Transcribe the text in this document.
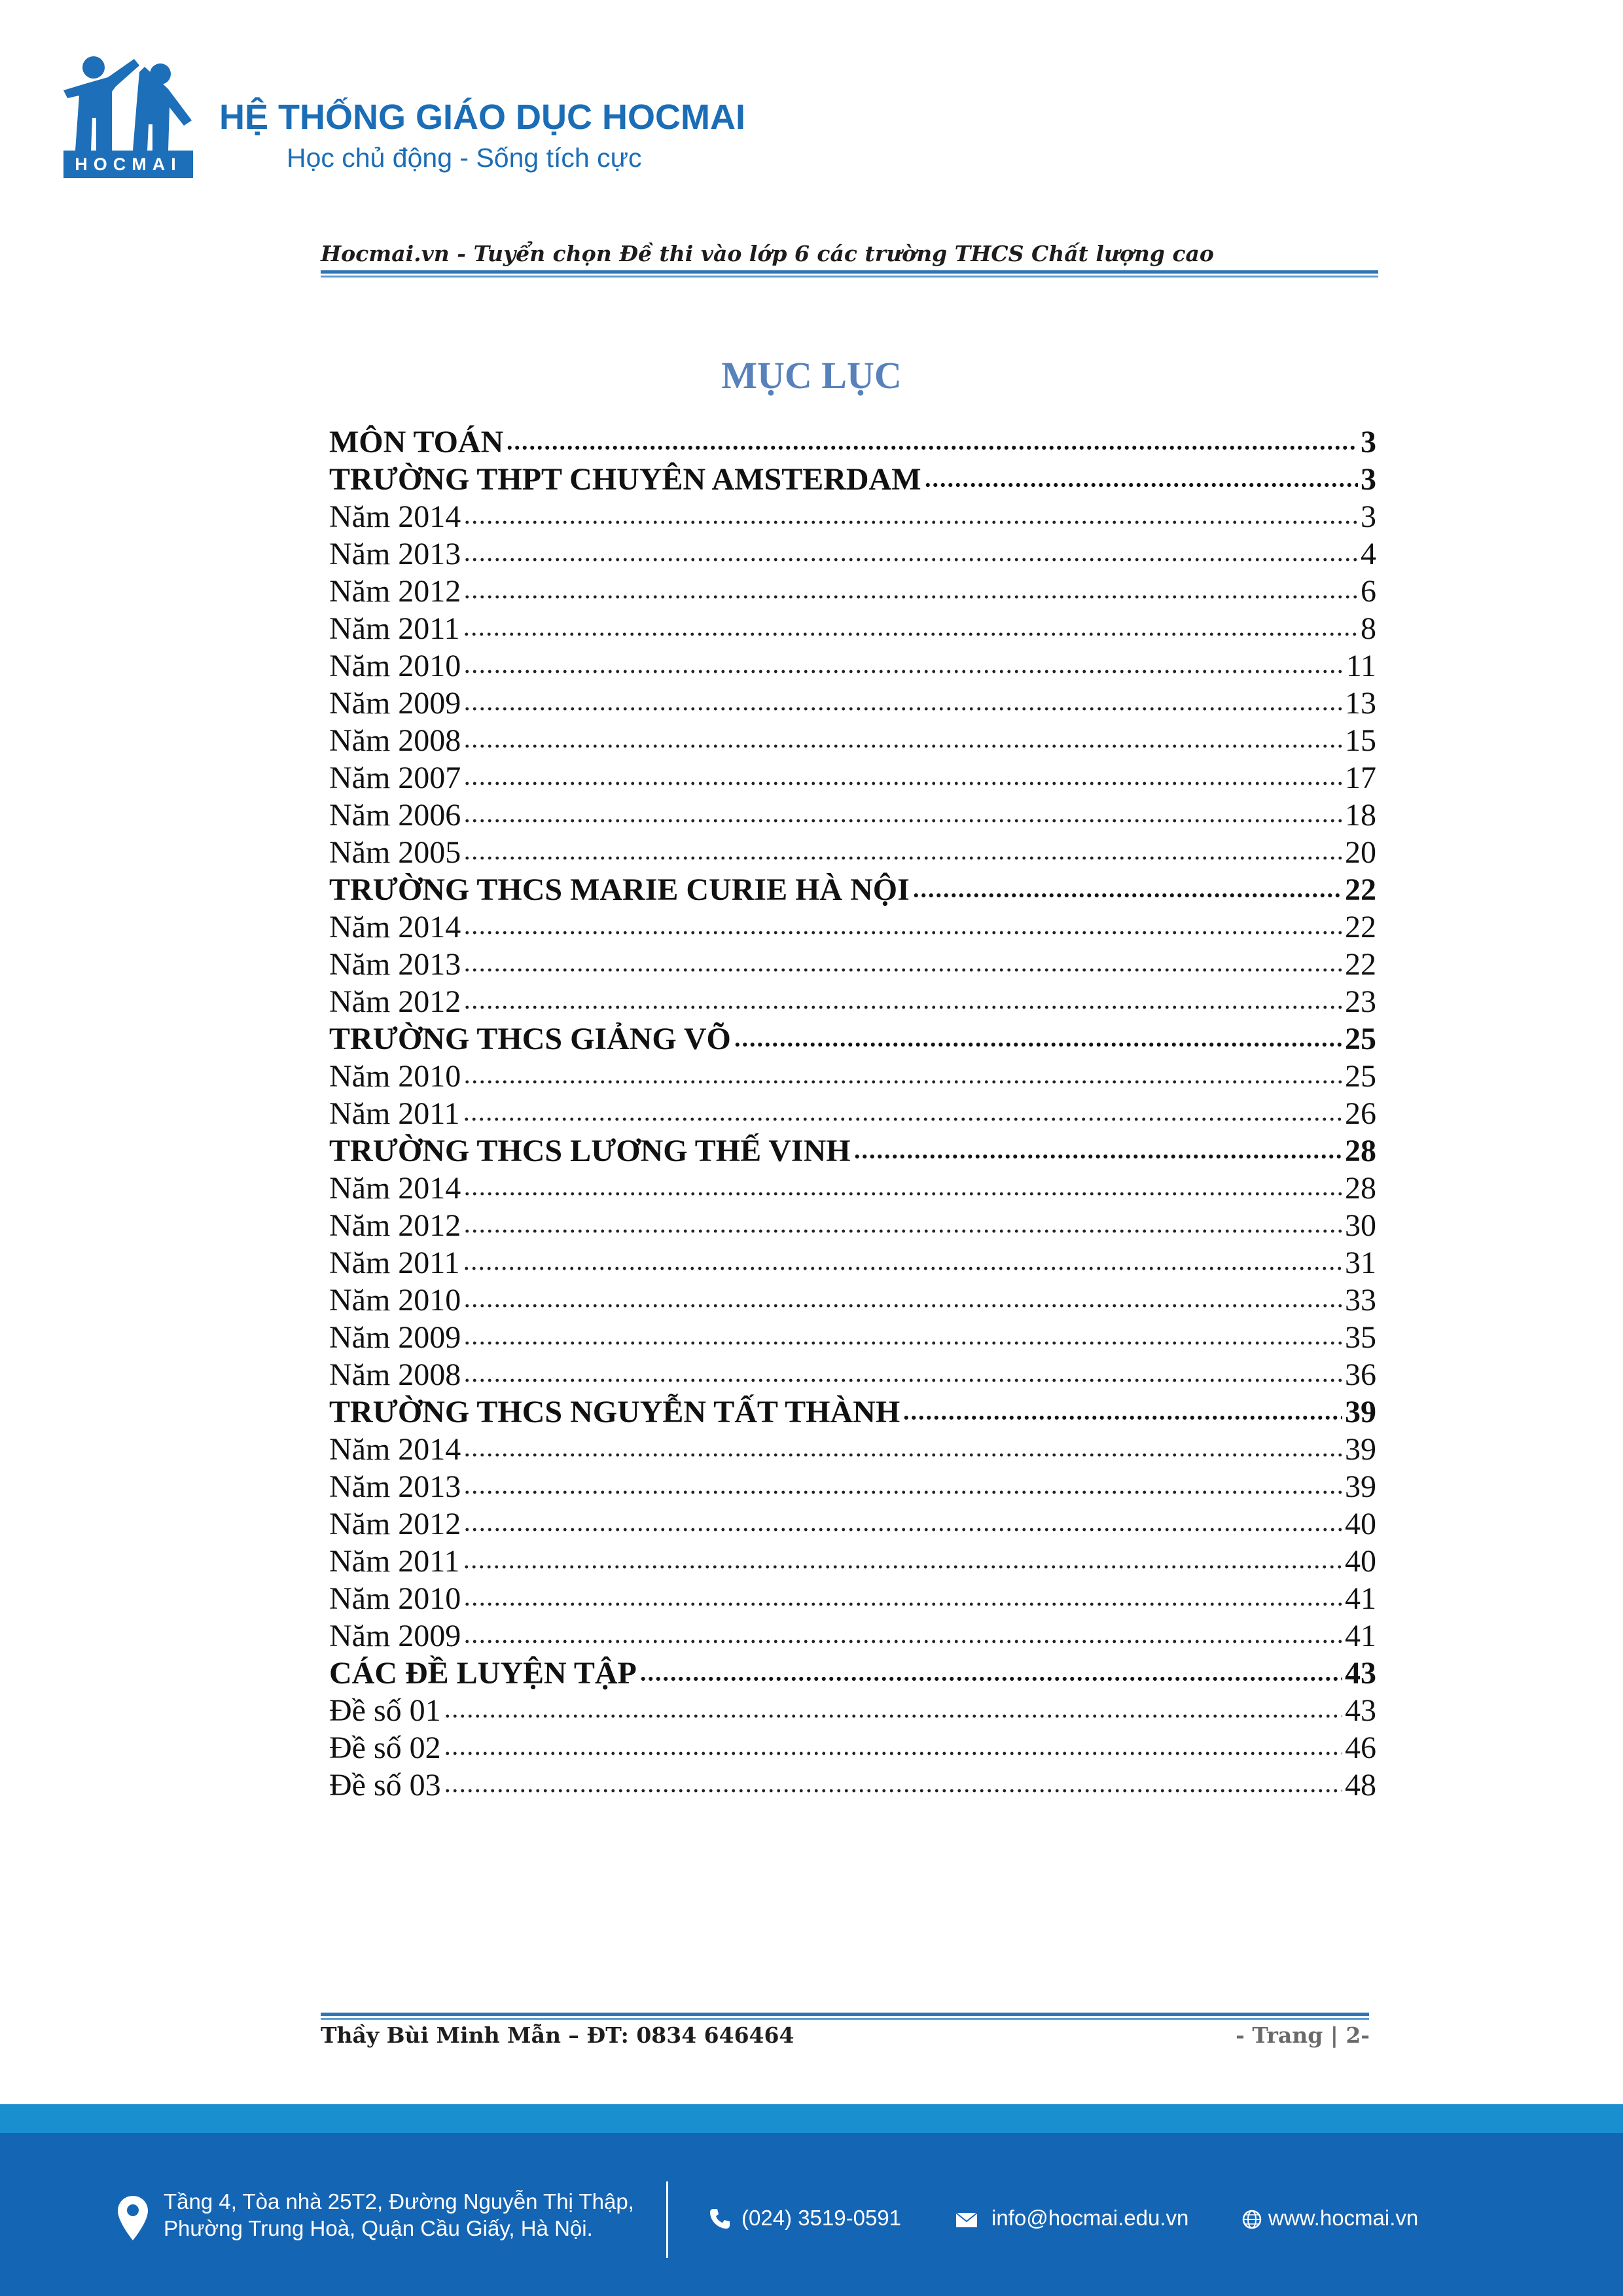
HOCMAI
HỆ THỐNG GIÁO DỤC HOCMAI
Học chủ động - Sống tích cực
Hocmai.vn - Tuyển chọn Đề thi vào lớp 6 các trường THCS Chất lượng cao
MỤC LỤC
MÔN TOÁN	3
TRƯỜNG THPT CHUYÊN AMSTERDAM	3
Năm 2014	3
Năm 2013	4
Năm 2012	6
Năm 2011	8
Năm 2010	11
Năm 2009	13
Năm 2008	15
Năm 2007	17
Năm 2006	18
Năm 2005	20
TRƯỜNG THCS MARIE CURIE HÀ NỘI	22
Năm 2014	22
Năm 2013	22
Năm 2012	23
TRƯỜNG THCS GIẢNG VÕ	25
Năm 2010	25
Năm 2011	26
TRƯỜNG THCS LƯƠNG THẾ VINH	28
Năm 2014	28
Năm 2012	30
Năm 2011	31
Năm 2010	33
Năm 2009	35
Năm 2008	36
TRƯỜNG THCS NGUYỄN TẤT THÀNH	39
Năm 2014	39
Năm 2013	39
Năm 2012	40
Năm 2011	40
Năm 2010	41
Năm 2009	41
CÁC ĐỀ LUYỆN TẬP	43
Đề số 01	43
Đề số 02	46
Đề số 03	48
Thầy Bùi Minh Mẫn – ĐT: 0834 646464	- Trang | 2-
Tầng 4, Tòa nhà 25T2, Đường Nguyễn Thị Thập,
Phường Trung Hoà, Quận Cầu Giấy, Hà Nội.	(024) 3519-0591	info@hocmai.edu.vn	www.hocmai.vn
